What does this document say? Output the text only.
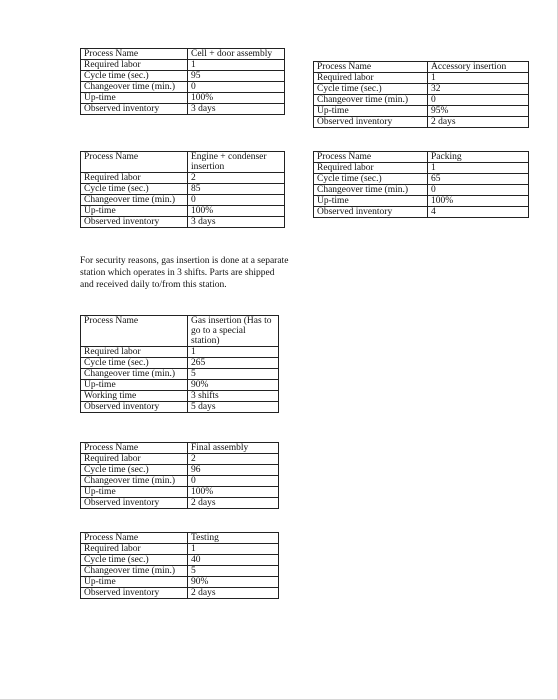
Process Name	Cell + door assembly
Required labor	1
Cycle time (sec.)	95
Changeover time (min.)	0
Up-time	100%
Observed inventory	3 days
Process Name	Accessory insertion
Required labor	1
Cycle time (sec.)	32
Changeover time (min.)	0
Up-time	95%
Observed inventory	2 days
Process Name	Engine + condenser insertion
Required labor	2
Cycle time (sec.)	85
Changeover time (min.)	0
Up-time	100%
Observed inventory	3 days
Process Name	Packing
Required labor	1
Cycle time (sec.)	65
Changeover time (min.)	0
Up-time	100%
Observed inventory	4
For security reasons, gas insertion is done at a separate station which operates in 3 shifts. Parts are shipped and received daily to/from this station.
Process Name	Gas insertion (Has to go to a special station)
Required labor	1
Cycle time (sec.)	265
Changeover time (min.)	5
Up-time	90%
Working time	3 shifts
Observed inventory	5 days
Process Name	Final assembly
Required labor	2
Cycle time (sec.)	96
Changeover time (min.)	0
Up-time	100%
Observed inventory	2 days
Process Name	Testing
Required labor	1
Cycle time (sec.)	40
Changeover time (min.)	5
Up-time	90%
Observed inventory	2 days
